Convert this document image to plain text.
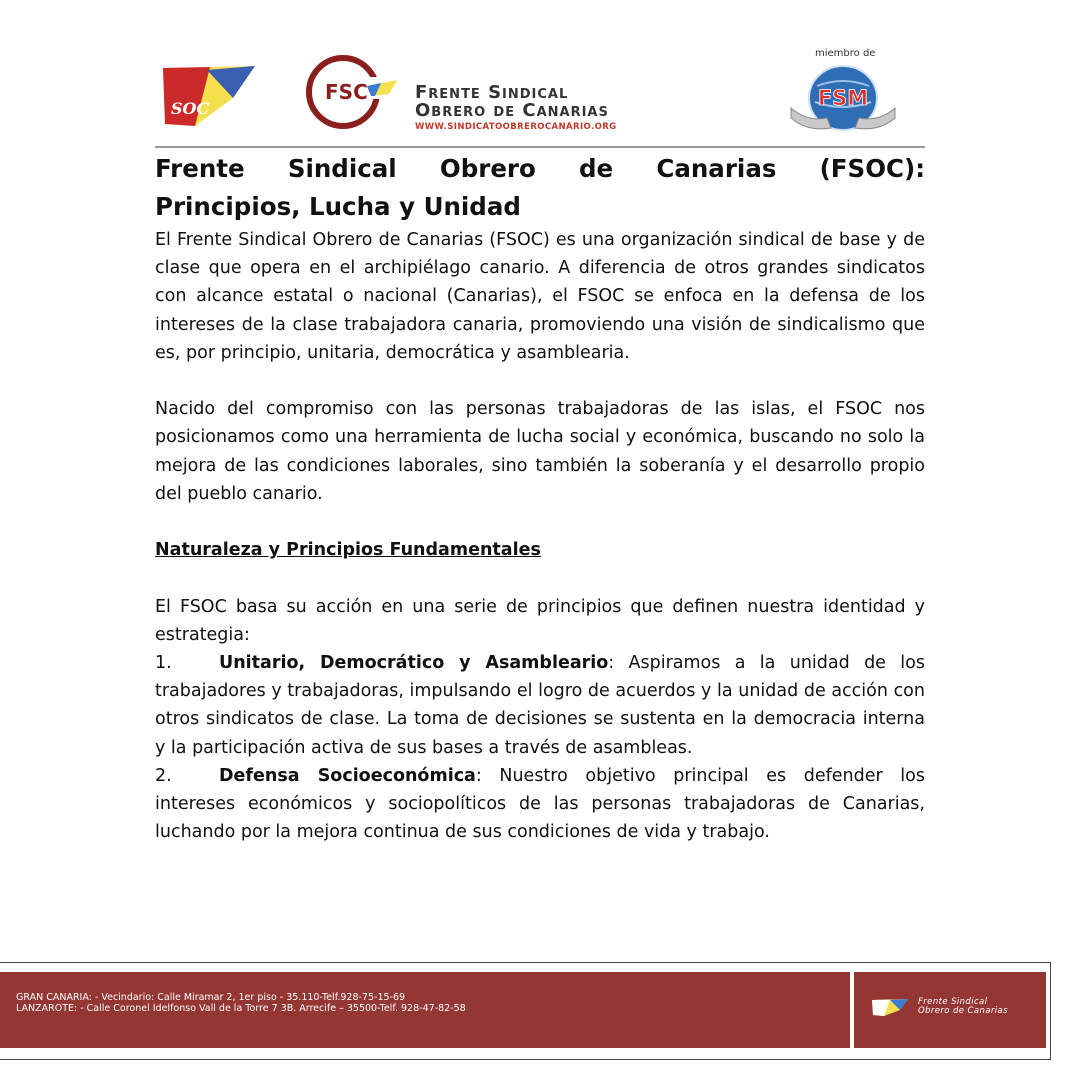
SOC
FSC	Frente Sindical
Obrero de Canarias
WWW.SINDICATOOBREROCANARIO.ORG
miembro de
FSM
Frente Sindical Obrero de Canarias (FSOC):
Principios, Lucha y Unidad

El Frente Sindical Obrero de Canarias (FSOC) es una organización sindical de base y de clase que opera en el archipiélago canario. A diferencia de otros grandes sindicatos con alcance estatal o nacional (Canarias), el FSOC se enfoca en la defensa de los intereses de la clase trabajadora canaria, promoviendo una visión de sindicalismo que es, por principio, unitaria, democrática y asamblearia.

Nacido del compromiso con las personas trabajadoras de las islas, el FSOC nos posicionamos como una herramienta de lucha social y económica, buscando no solo la mejora de las condiciones laborales, sino también la soberanía y el desarrollo propio del pueblo canario.

Naturaleza y Principios Fundamentales

El FSOC basa su acción en una serie de principios que definen nuestra identidad y estrategia:

1.	Unitario, Democrático y Asambleario: Aspiramos a la unidad de los trabajadores y trabajadoras, impulsando el logro de acuerdos y la unidad de acción con otros sindicatos de clase. La toma de decisiones se sustenta en la democracia interna y la participación activa de sus bases a través de asambleas.

2.	Defensa Socioeconómica: Nuestro objetivo principal es defender los intereses económicos y sociopolíticos de las personas trabajadoras de Canarias, luchando por la mejora continua de sus condiciones de vida y trabajo.

GRAN CANARIA: - Vecindario: Calle Miramar 2, 1er piso - 35.110-Telf.928-75-15-69
LANZAROTE: - Calle Coronel Idelfonso Vall de la Torre 7 3B. Arrecife – 35500-Telf. 928-47-82-58
Frente Sindical
Obrero de Canarias
